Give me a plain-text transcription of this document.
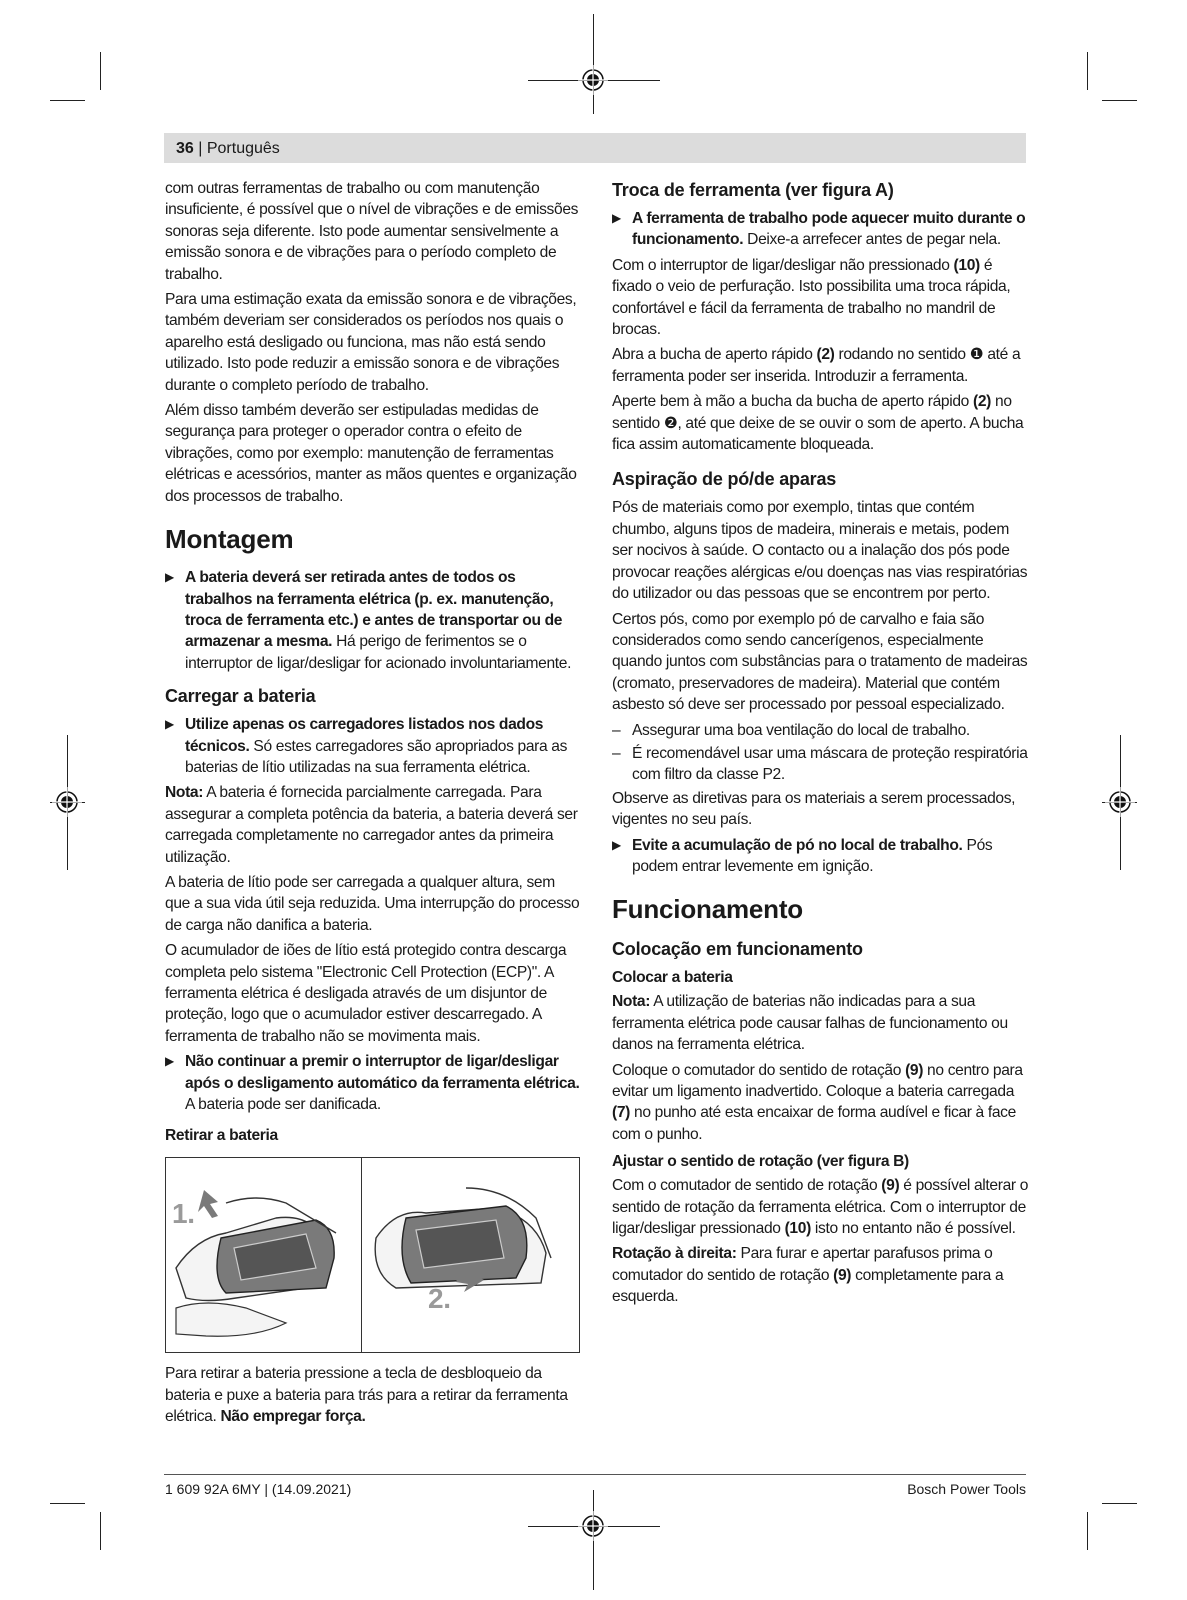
36 | Português
com outras ferramentas de trabalho ou com manutenção insuficiente, é possível que o nível de vibrações e de emissões sonoras seja diferente. Isto pode aumentar sensivelmente a emissão sonora e de vibrações para o período completo de trabalho.
Para uma estimação exata da emissão sonora e de vibrações, também deveriam ser considerados os períodos nos quais o aparelho está desligado ou funciona, mas não está sendo utilizado. Isto pode reduzir a emissão sonora e de vibrações durante o completo período de trabalho.
Além disso também deverão ser estipuladas medidas de segurança para proteger o operador contra o efeito de vibrações, como por exemplo: manutenção de ferramentas elétricas e acessórios, manter as mãos quentes e organização dos processos de trabalho.
Montagem
▶ A bateria deverá ser retirada antes de todos os trabalhos na ferramenta elétrica (p. ex. manutenção, troca de ferramenta etc.) e antes de transportar ou de armazenar a mesma. Há perigo de ferimentos se o interruptor de ligar/desligar for acionado involuntariamente.
Carregar a bateria
▶ Utilize apenas os carregadores listados nos dados técnicos. Só estes carregadores são apropriados para as baterias de lítio utilizadas na sua ferramenta elétrica.
Nota: A bateria é fornecida parcialmente carregada. Para assegurar a completa potência da bateria, a bateria deverá ser carregada completamente no carregador antes da primeira utilização.
A bateria de lítio pode ser carregada a qualquer altura, sem que a sua vida útil seja reduzida. Uma interrupção do processo de carga não danifica a bateria.
O acumulador de iões de lítio está protegido contra descarga completa pelo sistema "Electronic Cell Protection (ECP)". A ferramenta elétrica é desligada através de um disjuntor de proteção, logo que o acumulador estiver descarregado. A ferramenta de trabalho não se movimenta mais.
▶ Não continuar a premir o interruptor de ligar/desligar após o desligamento automático da ferramenta elétrica. A bateria pode ser danificada.
Retirar a bateria
1.
2.
Para retirar a bateria pressione a tecla de desbloqueio da bateria e puxe a bateria para trás para a retirar da ferramenta elétrica. Não empregar força.
Troca de ferramenta (ver figura A)
▶ A ferramenta de trabalho pode aquecer muito durante o funcionamento. Deixe-a arrefecer antes de pegar nela.
Com o interruptor de ligar/desligar não pressionado (10) é fixado o veio de perfuração. Isto possibilita uma troca rápida, confortável e fácil da ferramenta de trabalho no mandril de brocas.
Abra a bucha de aperto rápido (2) rodando no sentido ❶ até a ferramenta poder ser inserida. Introduzir a ferramenta.
Aperte bem à mão a bucha da bucha de aperto rápido (2) no sentido ❷, até que deixe de se ouvir o som de aperto. A bucha fica assim automaticamente bloqueada.
Aspiração de pó/de aparas
Pós de materiais como por exemplo, tintas que contém chumbo, alguns tipos de madeira, minerais e metais, podem ser nocivos à saúde. O contacto ou a inalação dos pós pode provocar reações alérgicas e/ou doenças nas vias respiratórias do utilizador ou das pessoas que se encontrem por perto.
Certos pós, como por exemplo pó de carvalho e faia são considerados como sendo cancerígenos, especialmente quando juntos com substâncias para o tratamento de madeiras (cromato, preservadores de madeira). Material que contém asbesto só deve ser processado por pessoal especializado.
– Assegurar uma boa ventilação do local de trabalho.
– É recomendável usar uma máscara de proteção respiratória com filtro da classe P2.
Observe as diretivas para os materiais a serem processados, vigentes no seu país.
▶ Evite a acumulação de pó no local de trabalho. Pós podem entrar levemente em ignição.
Funcionamento
Colocação em funcionamento
Colocar a bateria
Nota: A utilização de baterias não indicadas para a sua ferramenta elétrica pode causar falhas de funcionamento ou danos na ferramenta elétrica.
Coloque o comutador do sentido de rotação (9) no centro para evitar um ligamento inadvertido. Coloque a bateria carregada (7) no punho até esta encaixar de forma audível e ficar à face com o punho.
Ajustar o sentido de rotação (ver figura B)
Com o comutador de sentido de rotação (9) é possível alterar o sentido de rotação da ferramenta elétrica. Com o interruptor de ligar/desligar pressionado (10) isto no entanto não é possível.
Rotação à direita: Para furar e apertar parafusos prima o comutador do sentido de rotação (9) completamente para a esquerda.
1 609 92A 6MY | (14.09.2021)	Bosch Power Tools
